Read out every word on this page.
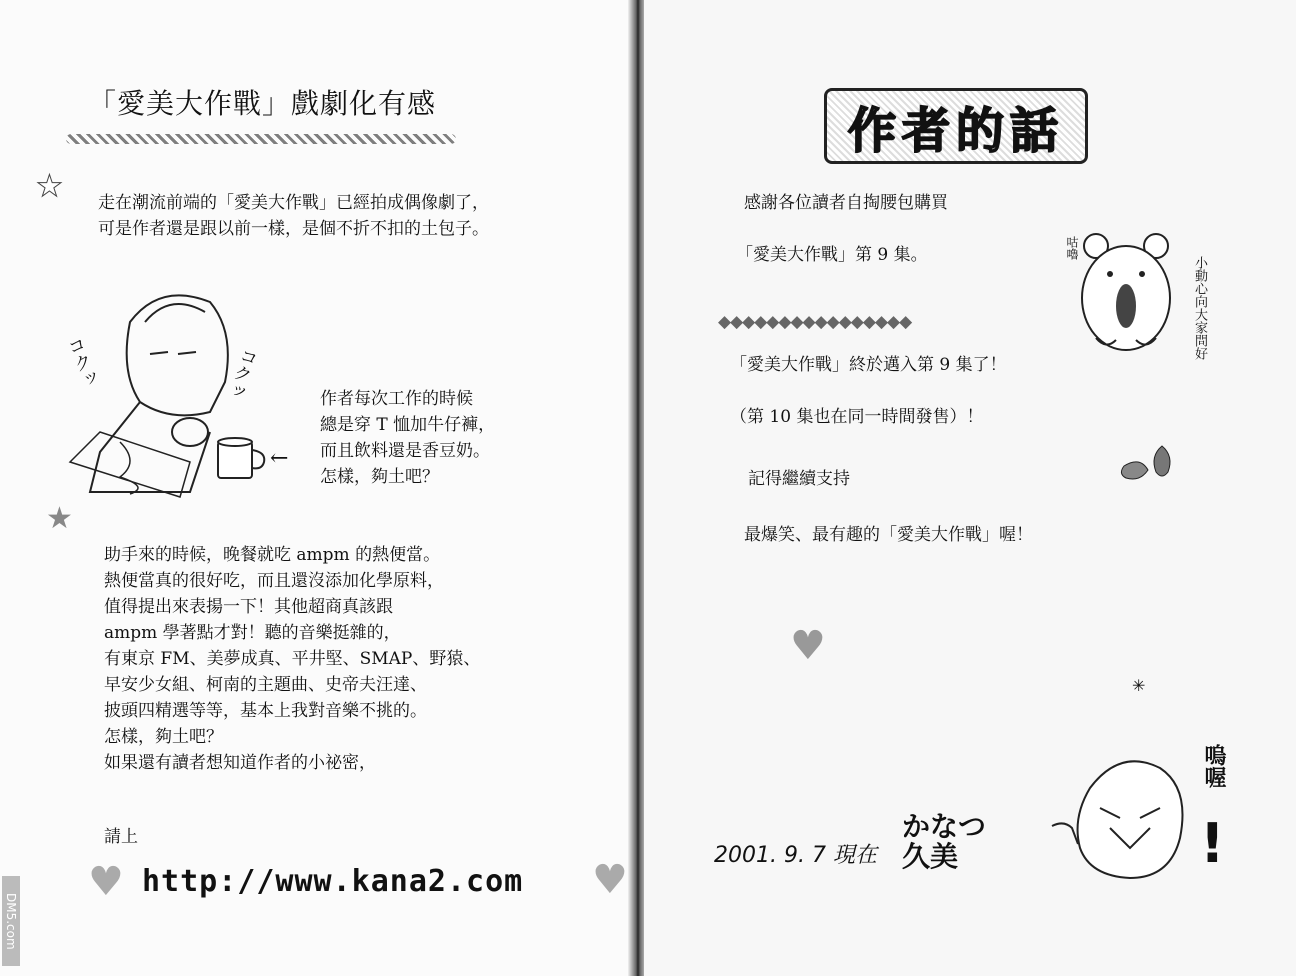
「愛美大作戰」戲劇化有感
★ 走在潮流前端的「愛美大作戰」已經拍成偶像劇了，
可是作者還是跟以前一樣，是個不折不扣的土包子。
コクッ	コクッ
←
作者每次工作的時候
總是穿 T 恤加牛仔褲，
而且飲料還是香豆奶。
怎樣，夠土吧？
★
助手來的時候，晚餐就吃 ampm 的熱便當。
熱便當真的很好吃，而且還沒添加化學原料，
值得提出來表揚一下！其他超商真該跟
ampm 學著點才對！聽的音樂挺雜的，
有東京 FM、美夢成真、平井堅、SMAP、野猿、
早安少女組、柯南的主題曲、史帝夫汪達、
披頭四精選等等，基本上我對音樂不挑的。
怎樣，夠土吧？
如果還有讀者想知道作者的小祕密，
請上
♥ http://www.kana2.com ♥
DM5.com
作者的話
感謝各位讀者自掏腰包購買
「愛美大作戰」第 9 集。	咕嚕
小動心向大家問好
◆◆◆◆◆◆◆◆◆◆◆◆◆◆◆◆
「愛美大作戰」終於邁入第 9 集了！
（第 10 集也在同一時間發售）！
記得繼續支持
最爆笑、最有趣的「愛美大作戰」喔！
♥
✳
嗚喔
!
2001. 9. 7 現在
かなつ 久美
